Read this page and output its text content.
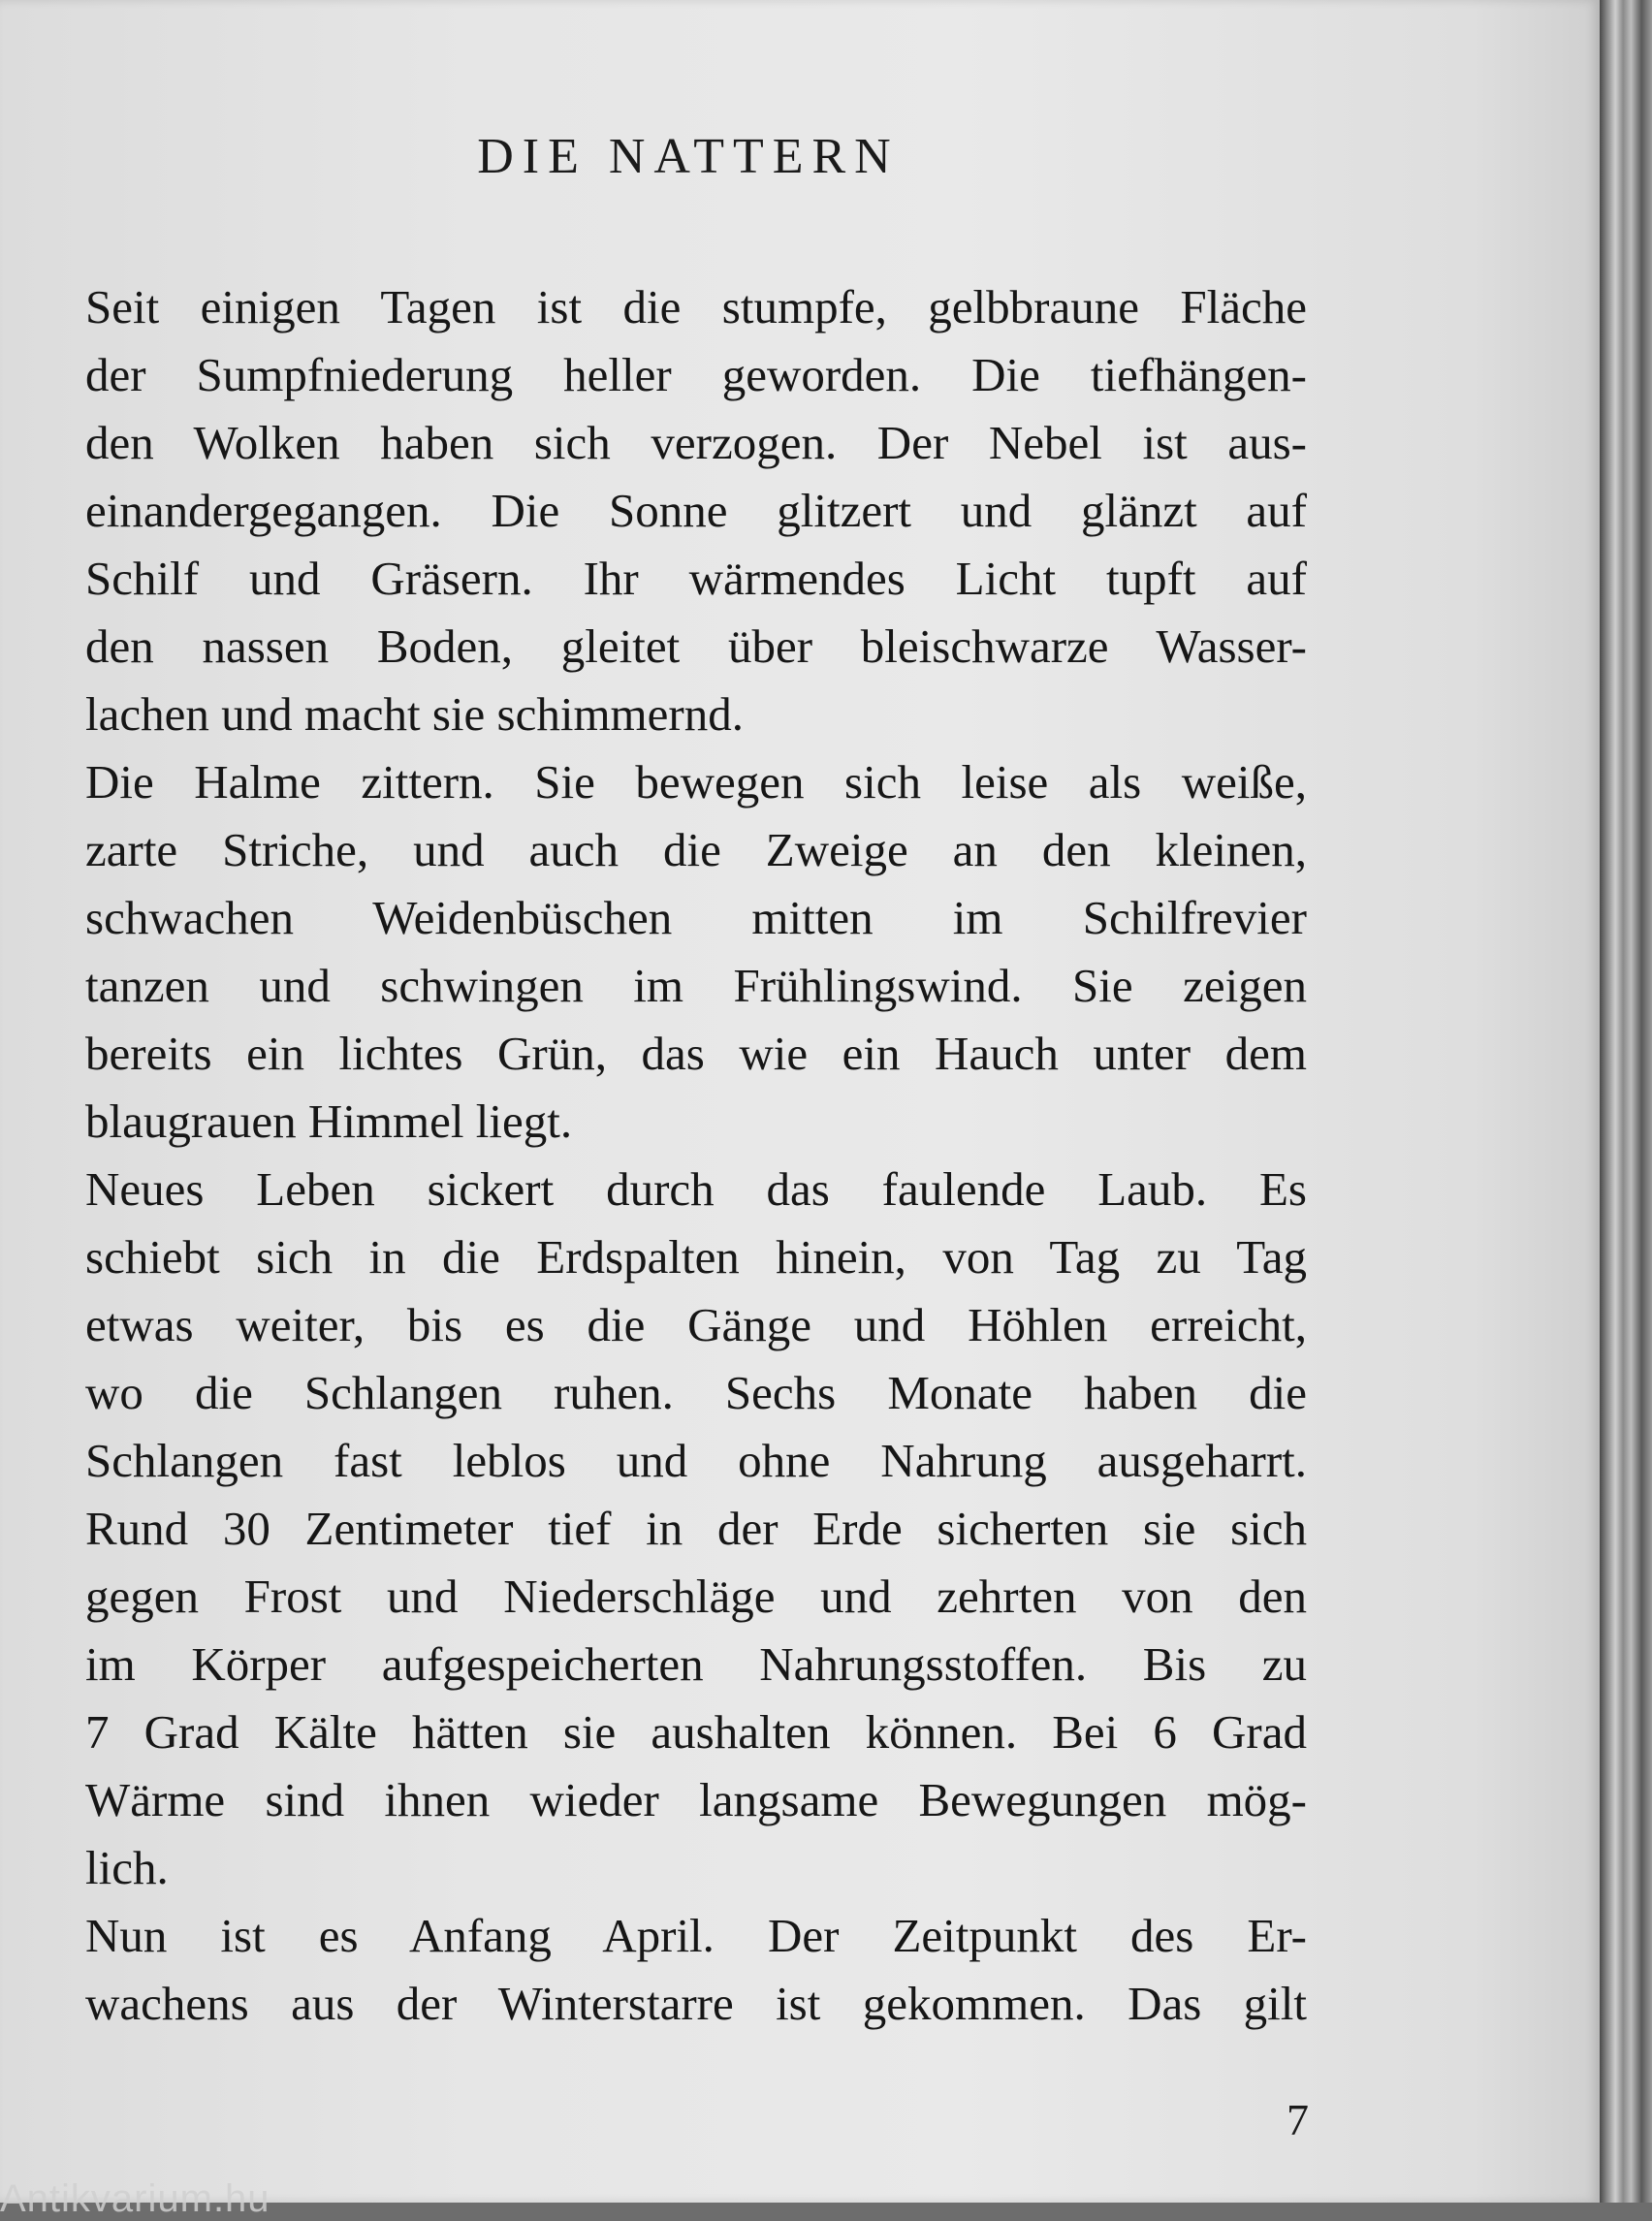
DIE NATTERN
Seit einigen Tagen ist die stumpfe, gelbbraune Fläche
der Sumpfniederung heller geworden. Die tiefhängen-
den Wolken haben sich verzogen. Der Nebel ist aus-
einandergegangen. Die Sonne glitzert und glänzt auf
Schilf und Gräsern. Ihr wärmendes Licht tupft auf
den nassen Boden, gleitet über bleischwarze Wasser-
lachen und macht sie schimmernd.
Die Halme zittern. Sie bewegen sich leise als weiße,
zarte Striche, und auch die Zweige an den kleinen,
schwachen Weidenbüschen mitten im Schilfrevier
tanzen und schwingen im Frühlingswind. Sie zeigen
bereits ein lichtes Grün, das wie ein Hauch unter dem
blaugrauen Himmel liegt.
Neues Leben sickert durch das faulende Laub. Es
schiebt sich in die Erdspalten hinein, von Tag zu Tag
etwas weiter, bis es die Gänge und Höhlen erreicht,
wo die Schlangen ruhen. Sechs Monate haben die
Schlangen fast leblos und ohne Nahrung ausgeharrt.
Rund 30 Zentimeter tief in der Erde sicherten sie sich
gegen Frost und Niederschläge und zehrten von den
im Körper aufgespeicherten Nahrungsstoffen. Bis zu
7 Grad Kälte hätten sie aushalten können. Bei 6 Grad
Wärme sind ihnen wieder langsame Bewegungen mög-
lich.
Nun ist es Anfang April. Der Zeitpunkt des Er-
wachens aus der Winterstarre ist gekommen. Das gilt
7
Antikvarium.hu
